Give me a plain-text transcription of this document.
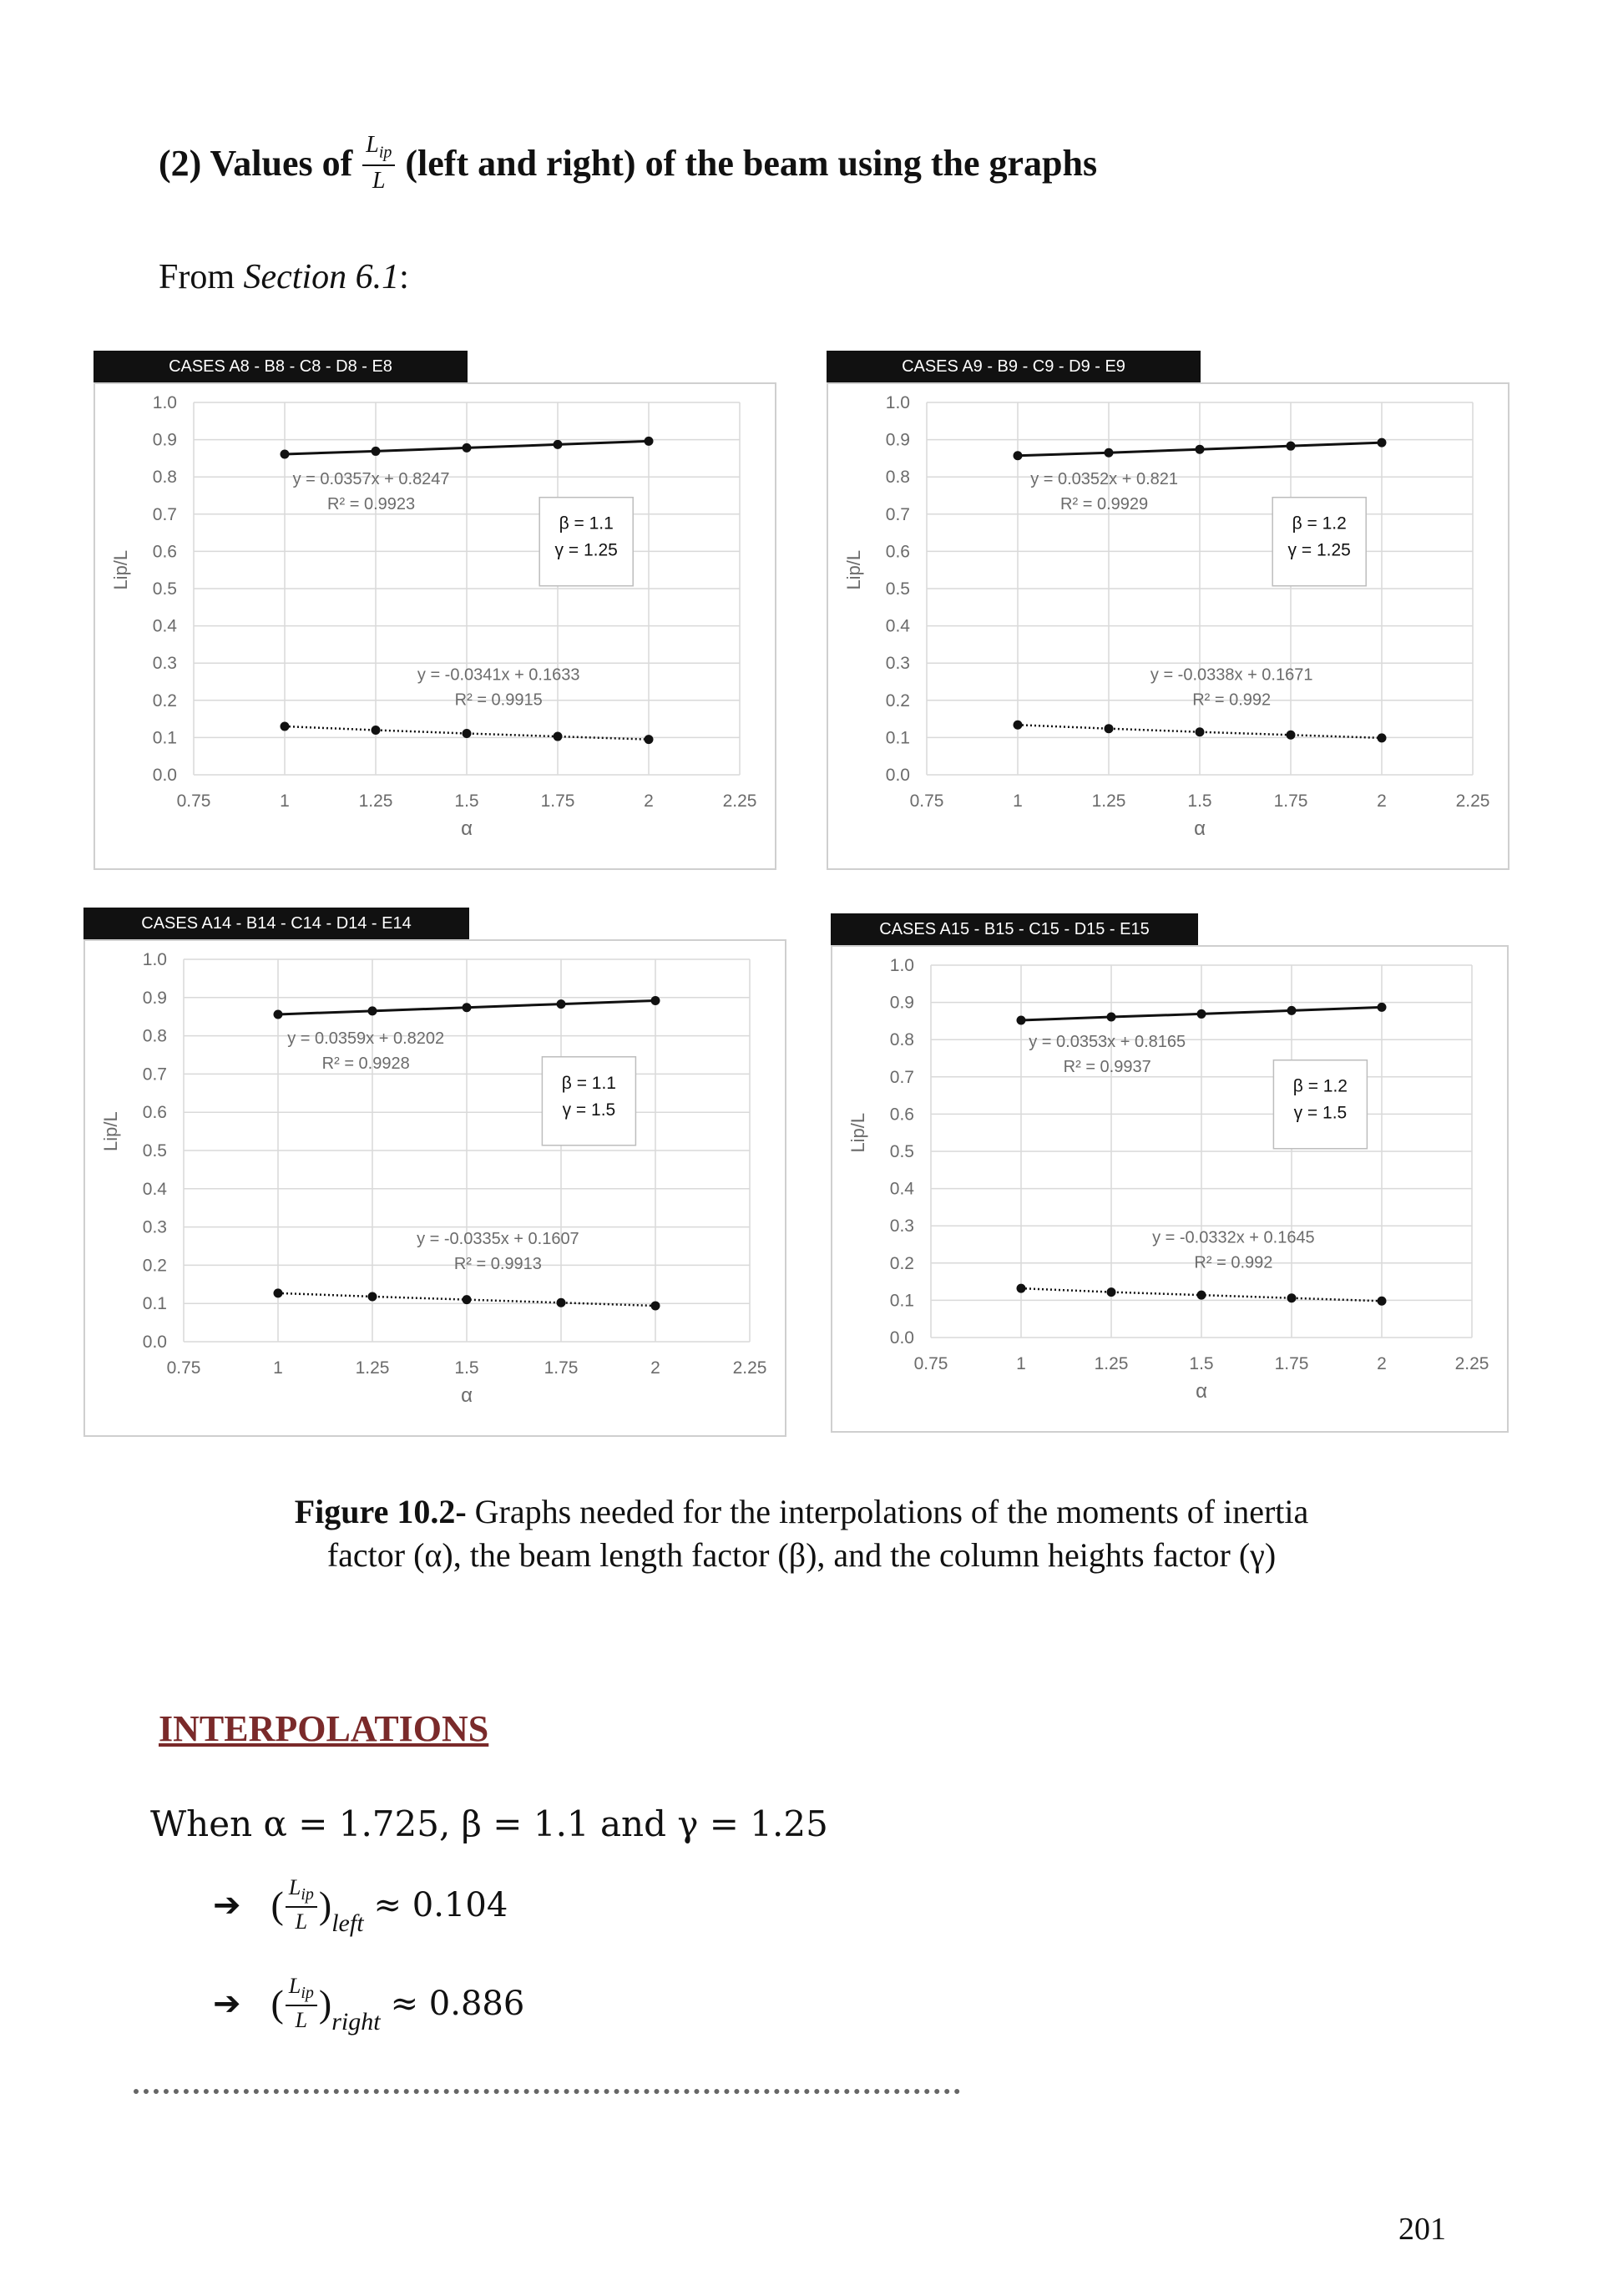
(2) Values of $\frac{L_{ip}}{L}$ (left and right) of the beam using the graphs
From Section 6.1:
CASES A8 - B8 - C8 - D8 - E8
0.0
0.1
0.2
0.3
0.4
0.5
0.6
0.7
0.8
0.9
1.0
0.75	1	1.25	1.5	1.75	2	2.25
α
Lip/L
y = 0.0357x + 0.8247
R² = 0.9923
y = -0.0341x + 0.1633
R² = 0.9915
β = 1.1
γ = 1.25
CASES A9 - B9 - C9 - D9 - E9
0.0
0.1
0.2
0.3
0.4
0.5
0.6
0.7
0.8
0.9
1.0
0.75	1	1.25	1.5	1.75	2	2.25
α
Lip/L
y = 0.0352x + 0.821
R² = 0.9929
y = -0.0338x + 0.1671
R² = 0.992
β = 1.2
γ = 1.25
CASES A14 - B14 - C14 - D14 - E14
0.0
0.1
0.2
0.3
0.4
0.5
0.6
0.7
0.8
0.9
1.0
0.75	1	1.25	1.5	1.75	2	2.25
α
Lip/L
y = 0.0359x + 0.8202
R² = 0.9928
y = -0.0335x + 0.1607
R² = 0.9913
β = 1.1
γ = 1.5
CASES A15 - B15 - C15 - D15 - E15
0.0
0.1
0.2
0.3
0.4
0.5
0.6
0.7
0.8
0.9
1.0
0.75	1	1.25	1.5	1.75	2	2.25
α
Lip/L
y = 0.0353x + 0.8165
R² = 0.9937
y = -0.0332x + 0.1645
R² = 0.992
β = 1.2
γ = 1.5
Figure 10.2- Graphs needed for the interpolations of the moments of inertia
factor (α), the beam length factor (β), and the column heights factor (γ)
INTERPOLATIONS
When α = 1.725, β = 1.1 and γ = 1.25
➔ ( $\frac{L_{ip}}{L}$ ) left ≈ 0.104
➔ ( $\frac{L_{ip}}{L}$ ) right ≈ 0.886
201
